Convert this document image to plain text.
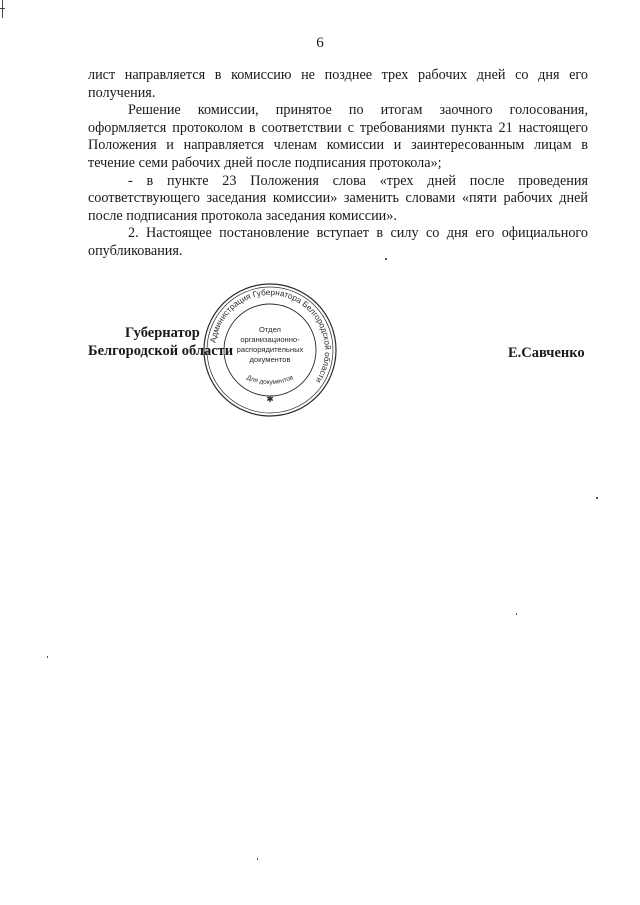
6

лист направляется в комиссию не позднее трех рабочих дней со дня его получения.

Решение комиссии, принятое по итогам заочного голосования, оформляется протоколом в соответствии с требованиями пункта 21 настоящего Положения и направляется членам комиссии и заинтересованным лицам в течение семи рабочих дней после подписания протокола»;

- в пункте 23 Положения слова «трех дней после проведения соответствующего заседания комиссии» заменить словами «пяти рабочих дней после подписания протокола заседания комиссии».

2. Настоящее постановление вступает в силу со дня его официального опубликования.

Губернатор
Белгородской области	Е.Савченко
Администрация Губернатора Белгородской области
Отдел
организационно-
распорядительных
документов
Для документов
✱
